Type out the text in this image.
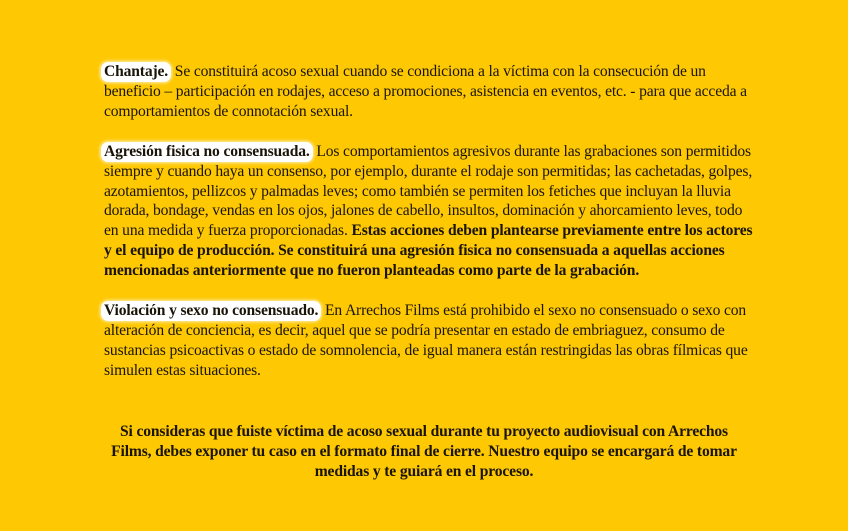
Chantaje. Se constituirá acoso sexual cuando se condiciona a la víctima con la consecución de un beneficio – participación en rodajes, acceso a promociones, asistencia en eventos, etc. - para que acceda a comportamientos de connotación sexual.

Agresión fisica no consensuada. Los comportamientos agresivos durante las grabaciones son permitidos siempre y cuando haya un consenso, por ejemplo, durante el rodaje son permitidas; las cachetadas, golpes, azotamientos, pellizcos y palmadas leves; como también se permiten los fetiches que incluyan la lluvia dorada, bondage, vendas en los ojos, jalones de cabello, insultos, dominación y ahorcamiento leves, todo en una medida y fuerza proporcionadas. Estas acciones deben plantearse previamente entre los actores y el equipo de producción. Se constituirá una agresión fisica no consensuada a aquellas acciones mencionadas anteriormente que no fueron planteadas como parte de la grabación.

Violación y sexo no consensuado. En Arrechos Films está prohibido el sexo no consensuado o sexo con alteración de conciencia, es decir, aquel que se podría presentar en estado de embriaguez, consumo de sustancias psicoactivas o estado de somnolencia, de igual manera están restringidas las obras fílmicas que simulen estas situaciones.

Si consideras que fuiste víctima de acoso sexual durante tu proyecto audiovisual con Arrechos Films, debes exponer tu caso en el formato final de cierre. Nuestro equipo se encargará de tomar medidas y te guiará en el proceso.
